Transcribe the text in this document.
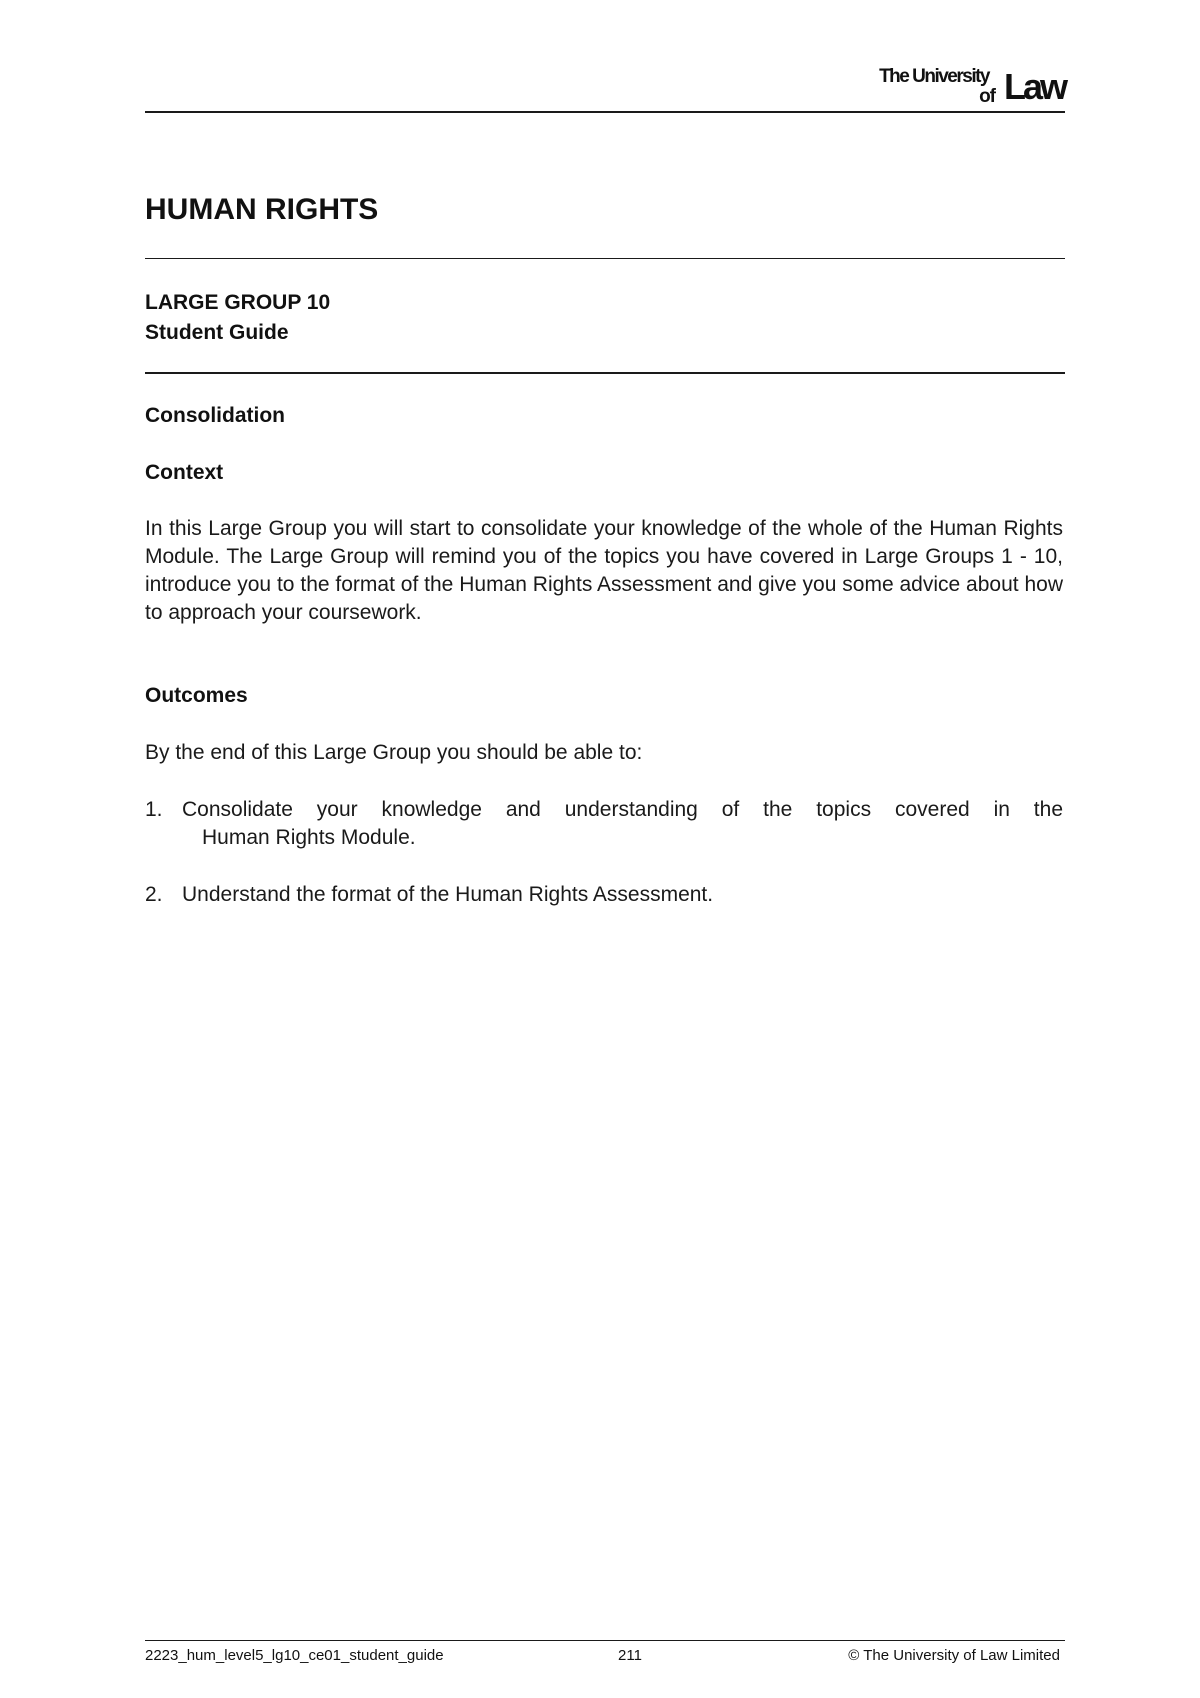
The University
of Law
HUMAN RIGHTS
LARGE GROUP 10
Student Guide
Consolidation
Context

In this Large Group you will start to consolidate your knowledge of the whole of the Human Rights Module. The Large Group will remind you of the topics you have covered in Large Groups 1 - 10, introduce you to the format of the Human Rights Assessment and give you some advice about how to approach your coursework.

Outcomes

By the end of this Large Group you should be able to:

1. Consolidate your knowledge and understanding of the topics covered in the
Human Rights Module.
2. Understand the format of the Human Rights Assessment.
2223_hum_level5_lg10_ce01_student_guide	211	© The University of Law Limited
